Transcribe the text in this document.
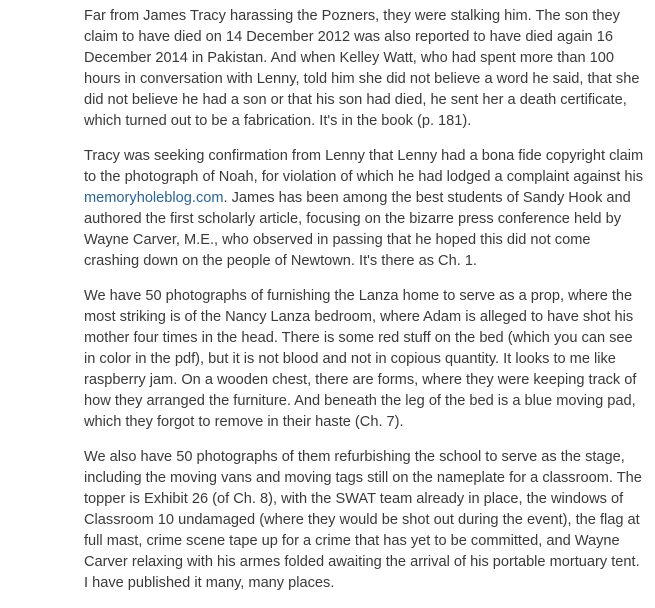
Far from James Tracy harassing the Pozners, they were stalking him. The son they claim to have died on 14 December 2012 was also reported to have died again 16 December 2014 in Pakistan. And when Kelley Watt, who had spent more than 100 hours in conversation with Lenny, told him she did not believe a word he said, that she did not believe he had a son or that his son had died, he sent her a death certificate, which turned out to be a fabrication. It's in the book (p. 181).

Tracy was seeking confirmation from Lenny that Lenny had a bona fide copyright claim to the photograph of Noah, for violation of which he had lodged a complaint against his memoryholeblog.com. James has been among the best students of Sandy Hook and authored the first scholarly article, focusing on the bizarre press conference held by Wayne Carver, M.E., who observed in passing that he hoped this did not come crashing down on the people of Newtown. It's there as Ch. 1.

We have 50 photographs of furnishing the Lanza home to serve as a prop, where the most striking is of the Nancy Lanza bedroom, where Adam is alleged to have shot his mother four times in the head. There is some red stuff on the bed (which you can see in color in the pdf), but it is not blood and not in copious quantity. It looks to me like raspberry jam. On a wooden chest, there are forms, where they were keeping track of how they arranged the furniture. And beneath the leg of the bed is a blue moving pad, which they forgot to remove in their haste (Ch. 7).

We also have 50 photographs of them refurbishing the school to serve as the stage, including the moving vans and moving tags still on the nameplate for a classroom. The topper is Exhibit 26 (of Ch. 8), with the SWAT team already in place, the windows of Classroom 10 undamaged (where they would be shot out during the event), the flag at full mast, crime scene tape up for a crime that has yet to be committed, and Wayne Carver relaxing with his armes folded awaiting the arrival of his portable mortuary tent. I have published it many, many places.
